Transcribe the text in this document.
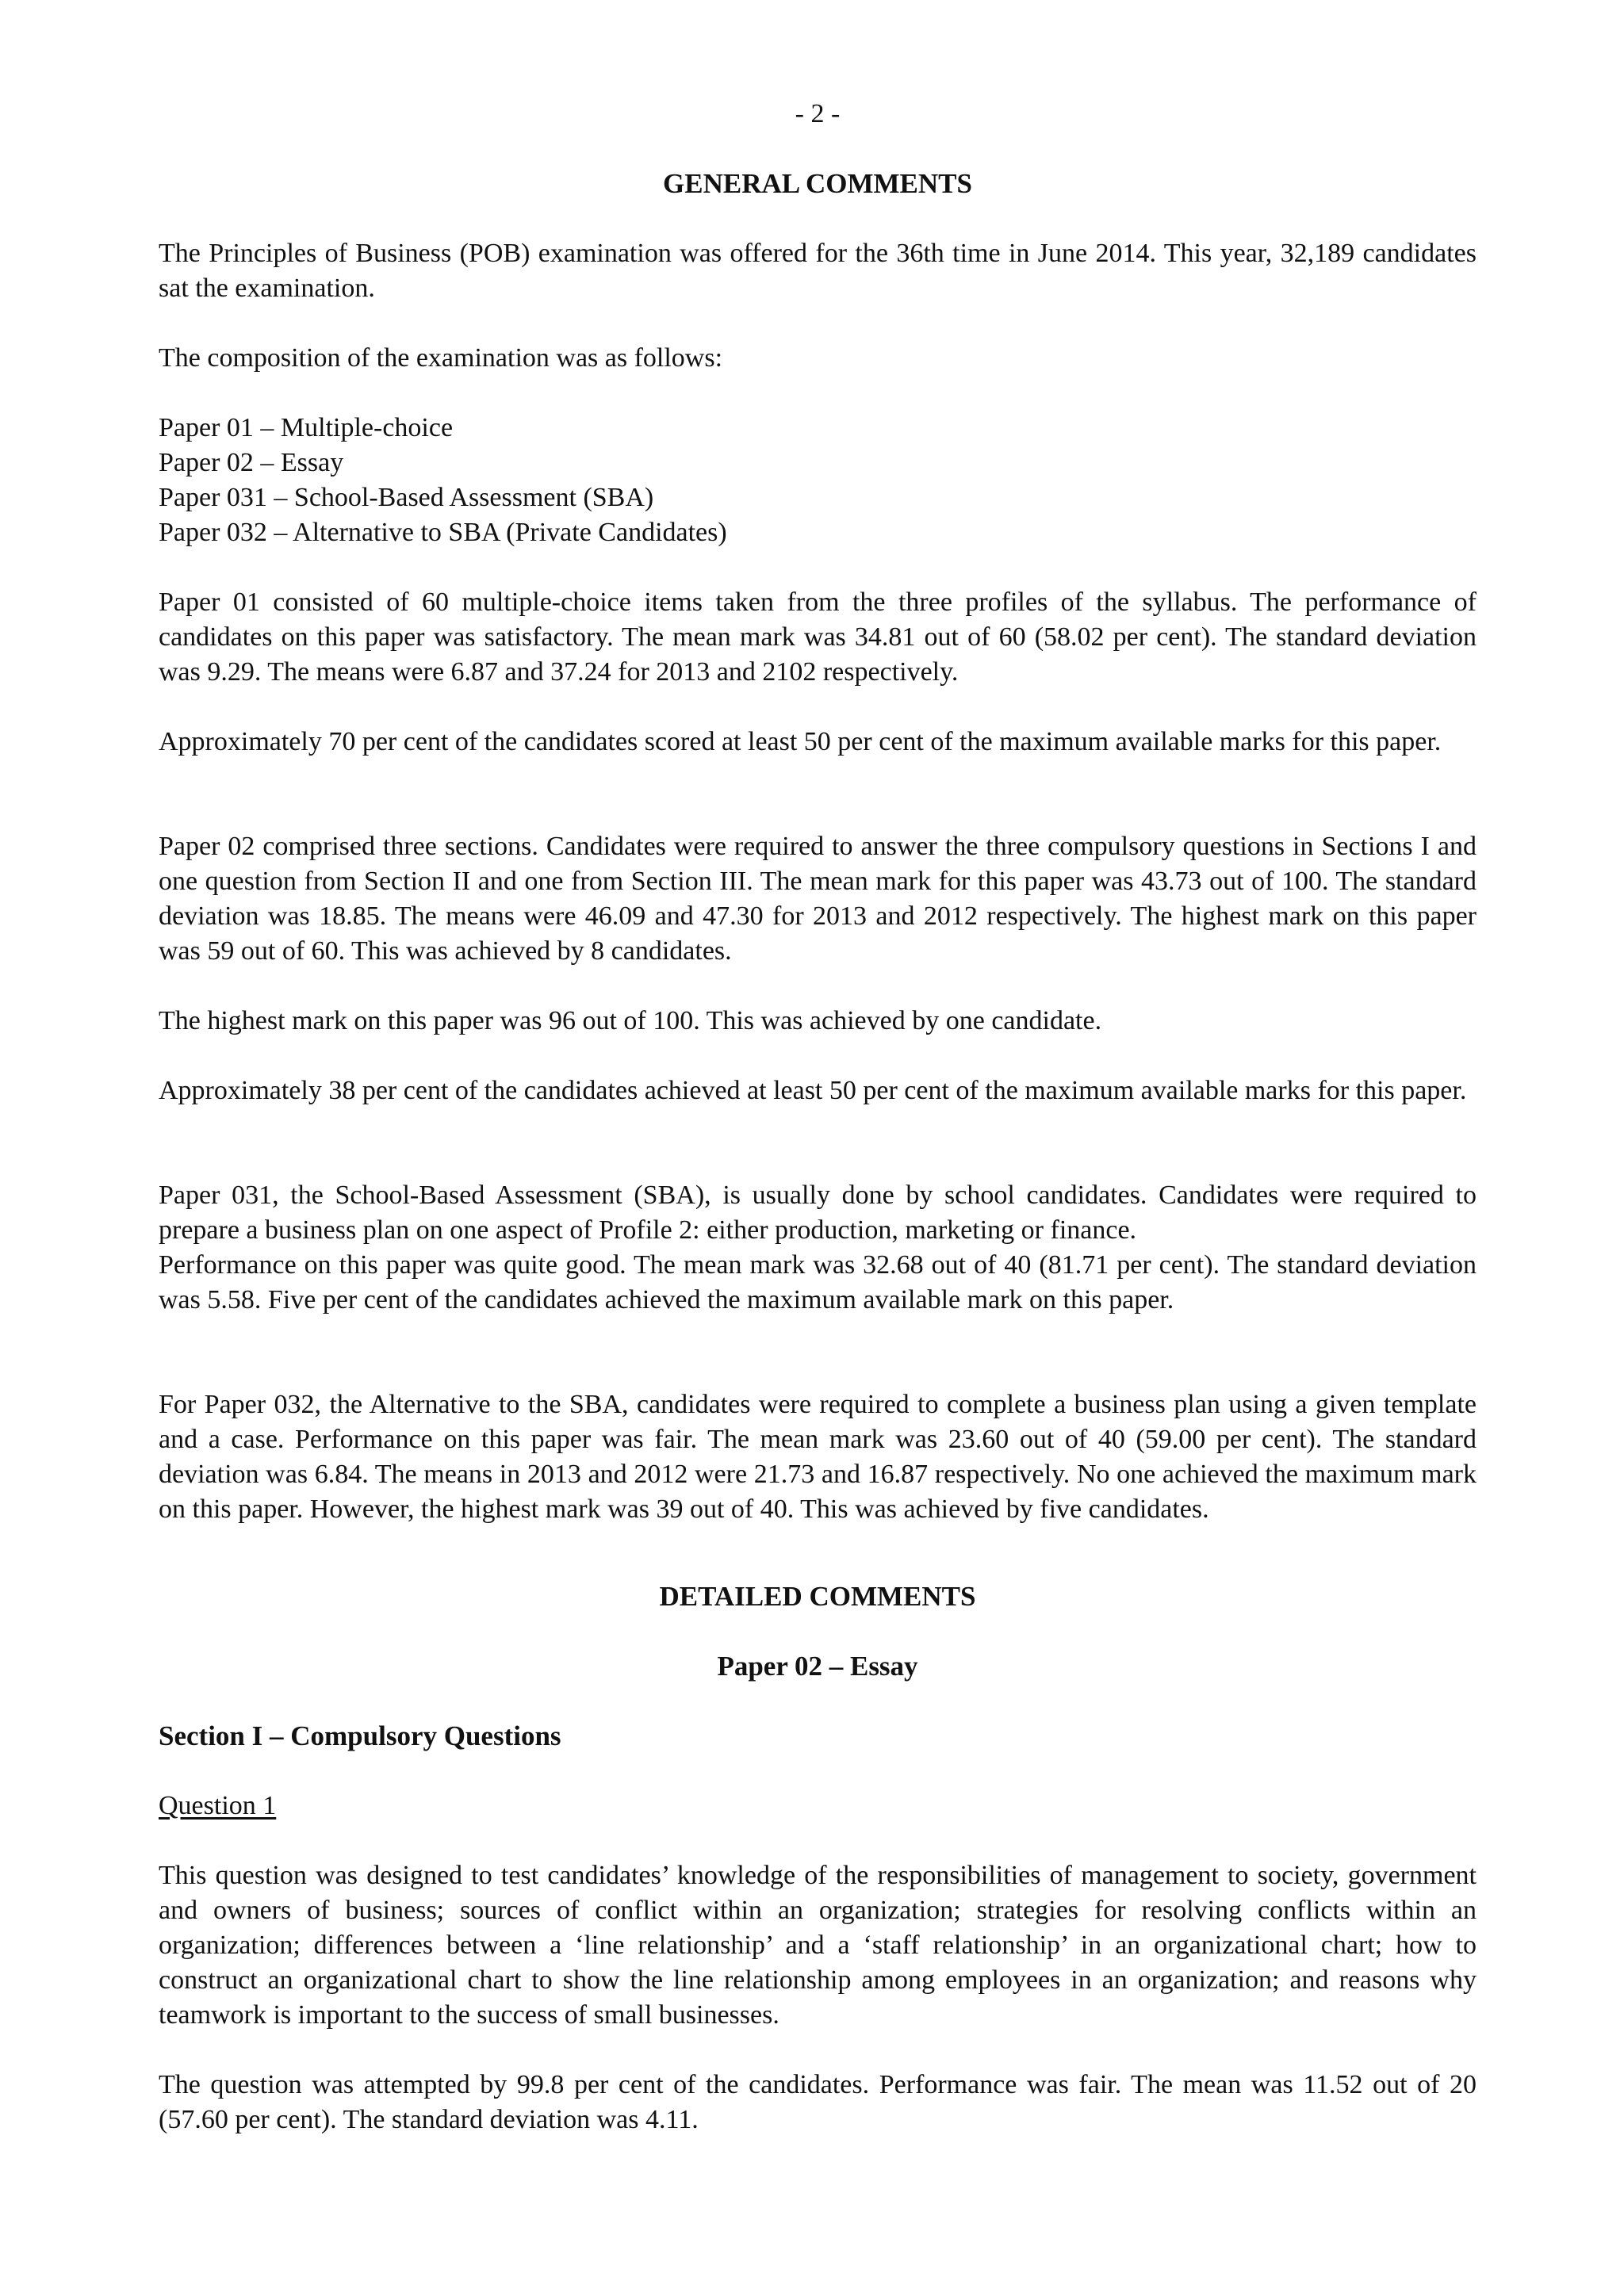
- 2 -
GENERAL COMMENTS
The Principles of Business (POB) examination was offered for the 36th time in June 2014. This year, 32,189 candidates sat the examination.
The composition of the examination was as follows:
Paper 01 – Multiple-choice
Paper 02 – Essay
Paper 031 – School-Based Assessment (SBA)
Paper 032 – Alternative to SBA (Private Candidates)
Paper 01 consisted of 60 multiple-choice items taken from the three profiles of the syllabus. The performance of candidates on this paper was satisfactory. The mean mark was 34.81 out of 60 (58.02 per cent). The standard deviation was 9.29. The means were 6.87 and 37.24 for 2013 and 2102 respectively.
Approximately 70 per cent of the candidates scored at least 50 per cent of the maximum available marks for this paper.
Paper 02 comprised three sections. Candidates were required to answer the three compulsory questions in Sections I and one question from Section II and one from Section III. The mean mark for this paper was 43.73 out of 100. The standard deviation was 18.85. The means were 46.09 and 47.30 for 2013 and 2012 respectively. The highest mark on this paper was 59 out of 60. This was achieved by 8 candidates.
The highest mark on this paper was 96 out of 100. This was achieved by one candidate.
Approximately 38 per cent of the candidates achieved at least 50 per cent of the maximum available marks for this paper.
Paper 031, the School-Based Assessment (SBA), is usually done by school candidates. Candidates were required to prepare a business plan on one aspect of Profile 2: either production, marketing or finance.
Performance on this paper was quite good. The mean mark was 32.68 out of 40 (81.71 per cent). The standard deviation was 5.58. Five per cent of the candidates achieved the maximum available mark on this paper.
For Paper 032, the Alternative to the SBA, candidates were required to complete a business plan using a given template and a case. Performance on this paper was fair. The mean mark was 23.60 out of 40 (59.00 per cent). The standard deviation was 6.84. The means in 2013 and 2012 were 21.73 and 16.87 respectively. No one achieved the maximum mark on this paper. However, the highest mark was 39 out of 40. This was achieved by five candidates.
DETAILED COMMENTS
Paper 02 – Essay
Section I – Compulsory Questions
Question 1
This question was designed to test candidates’ knowledge of the responsibilities of management to society, government and owners of business; sources of conflict within an organization; strategies for resolving conflicts within an organization; differences between a ‘line relationship’ and a ‘staff relationship’ in an organizational chart; how to construct an organizational chart to show the line relationship among employees in an organization; and reasons why teamwork is important to the success of small businesses.
The question was attempted by 99.8 per cent of the candidates. Performance was fair. The mean was 11.52 out of 20 (57.60 per cent). The standard deviation was 4.11.
